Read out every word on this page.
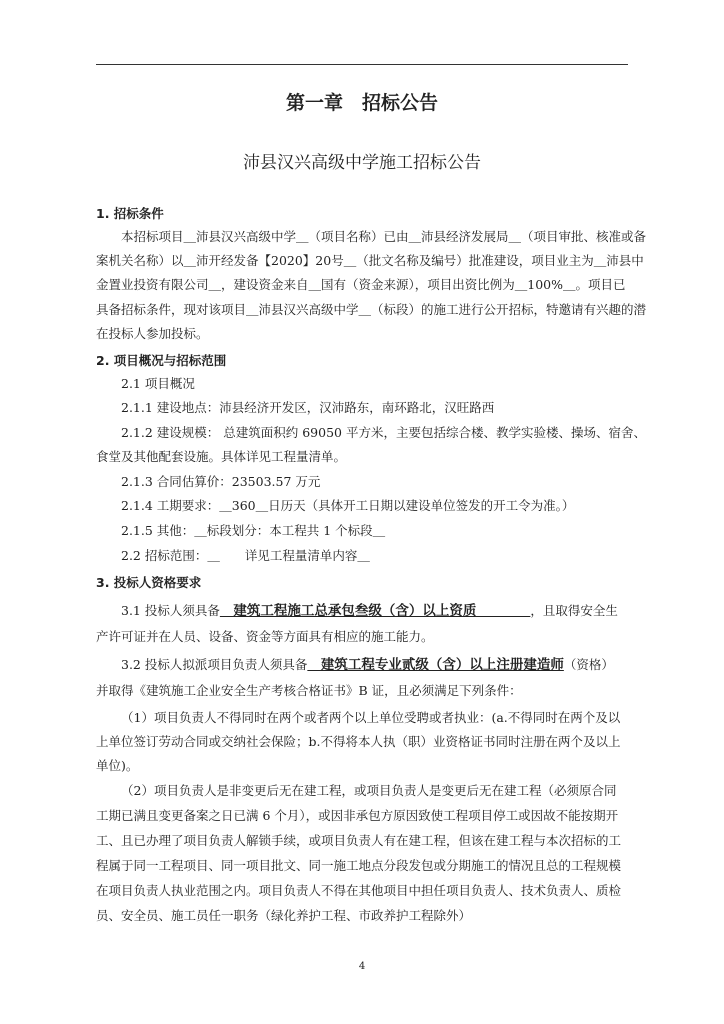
第一章　招标公告
沛县汉兴高级中学施工招标公告
1. 招标条件
本招标项目＿沛县汉兴高级中学＿（项目名称）已由＿沛县经济发展局＿（项目审批、核准或备
案机关名称）以＿沛开经发备【2020】20号＿（批文名称及编号）批准建设，项目业主为＿沛县中
金置业投资有限公司＿，建设资金来自＿国有（资金来源），项目出资比例为＿100%＿。项目已
具备招标条件，现对该项目＿沛县汉兴高级中学＿（标段）的施工进行公开招标，特邀请有兴趣的潜
在投标人参加投标。
2. 项目概况与招标范围
2.1 项目概况
2.1.1 建设地点：沛县经济开发区，汉沛路东，南环路北，汉旺路西
2.1.2 建设规模： 总建筑面积约 69050 平方米，主要包括综合楼、教学实验楼、操场、宿舍、
食堂及其他配套设施。具体详见工程量清单。
2.1.3 合同估算价：23503.57 万元
2.1.4 工期要求：＿360＿日历天（具体开工日期以建设单位签发的开工令为准。）
2.1.5 其他：＿标段划分：本工程共 1 个标段＿
2.2 招标范围：＿　　详见工程量清单内容＿　　
3. 投标人资格要求
3.1 投标人须具备　建筑工程施工总承包叁级（含）以上资质　　　　，且取得安全生
产许可证并在人员、设备、资金等方面具有相应的施工能力。
3.2 投标人拟派项目负责人须具备　建筑工程专业贰级（含）以上注册建造师（资格）
并取得《建筑施工企业安全生产考核合格证书》B 证，且必须满足下列条件：
（1）项目负责人不得同时在两个或者两个以上单位受聘或者执业：(a.不得同时在两个及以
上单位签订劳动合同或交纳社会保险；b.不得将本人执（职）业资格证书同时注册在两个及以上
单位)。
（2）项目负责人是非变更后无在建工程，或项目负责人是变更后无在建工程（必须原合同
工期已满且变更备案之日已满 6 个月），或因非承包方原因致使工程项目停工或因故不能按期开
工、且已办理了项目负责人解锁手续，或项目负责人有在建工程，但该在建工程与本次招标的工
程属于同一工程项目、同一项目批文、同一施工地点分段发包或分期施工的情况且总的工程规模
在项目负责人执业范围之内。项目负责人不得在其他项目中担任项目负责人、技术负责人、质检
员、安全员、施工员任一职务（绿化养护工程、市政养护工程除外）
4
